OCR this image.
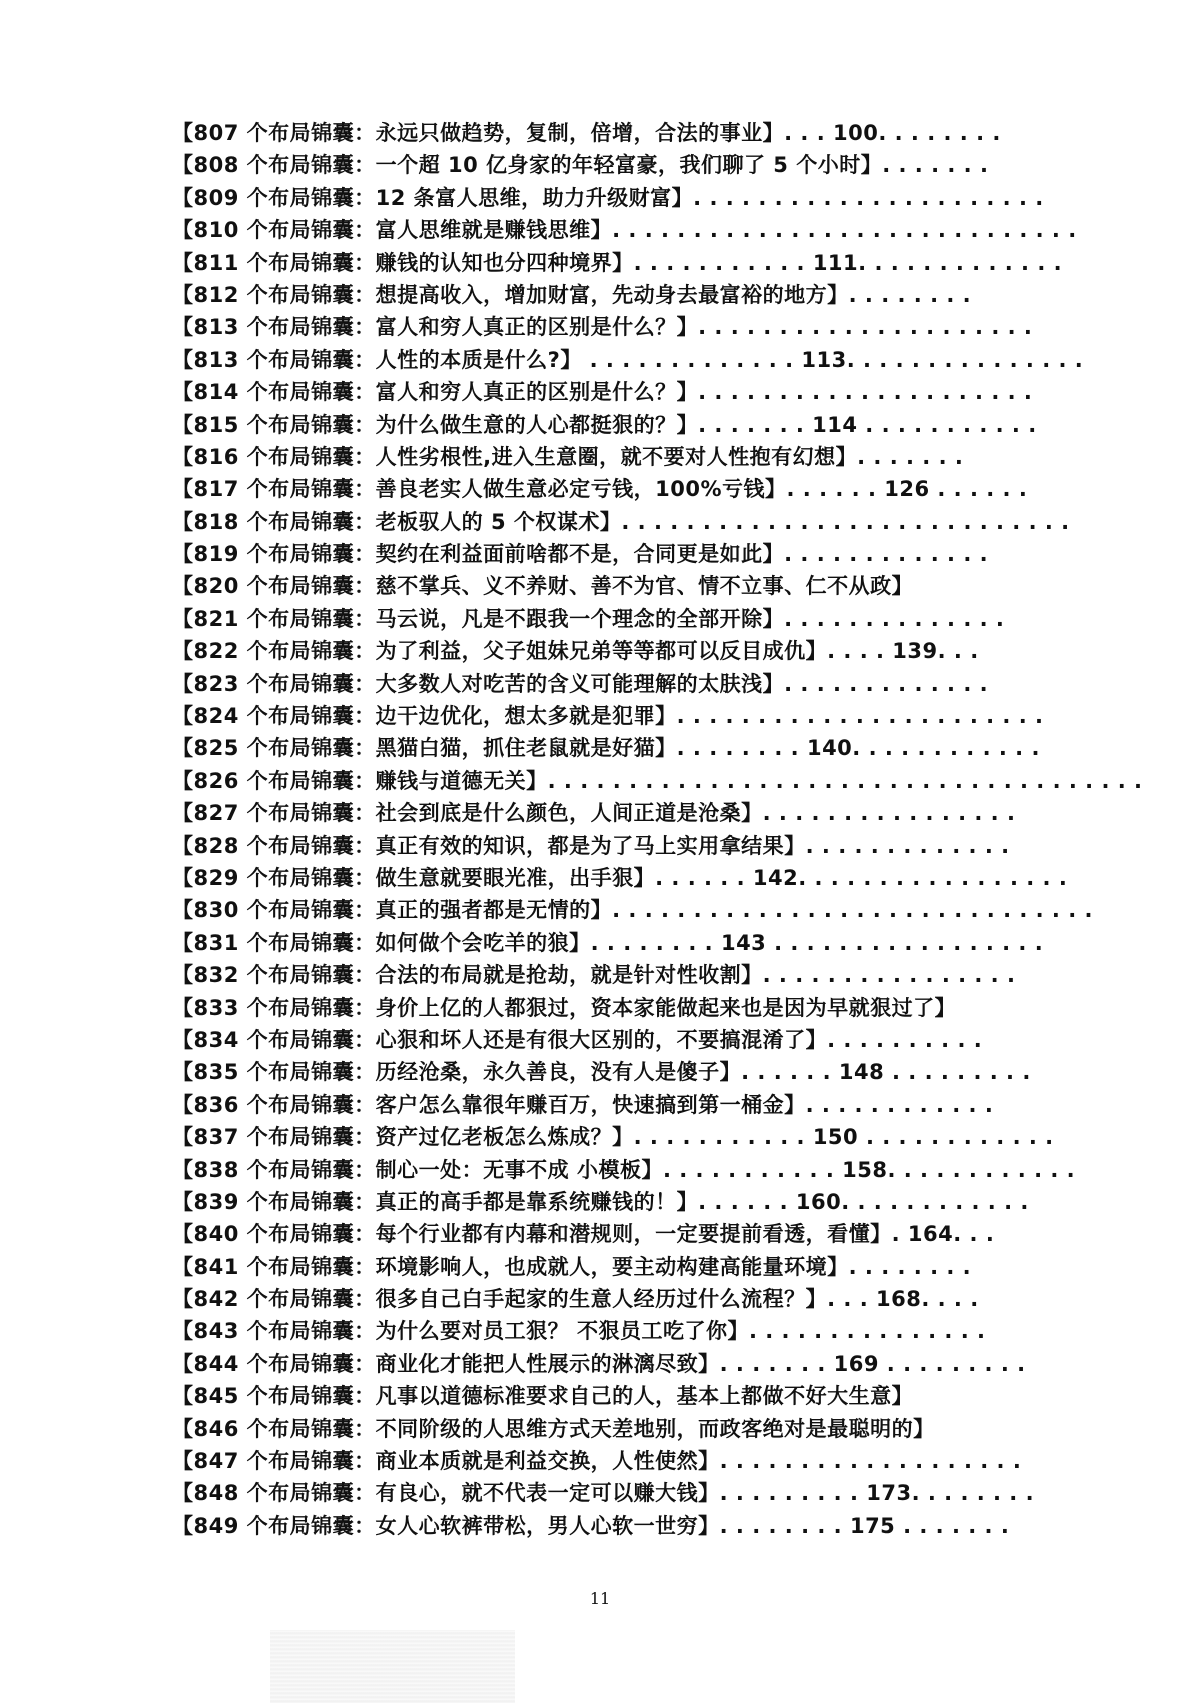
【807 个布局锦囊：永远只做趋势，复制，倍增，合法的事业】. . . 100. . . . . . . .
【808 个布局锦囊：一个超 10 亿身家的年轻富豪，我们聊了 5 个小时】. . . . . . .
【809 个布局锦囊：12 条富人思维，助力升级财富】. . . . . . . . . . . . . . . . . . . . . .
【810 个布局锦囊：富人思维就是赚钱思维】. . . . . . . . . . . . . . . . . . . . . . . . . . . . .
【811 个布局锦囊：赚钱的认知也分四种境界】. . . . . . . . . . . 111. . . . . . . . . . . . .
【812 个布局锦囊：想提高收入，增加财富，先动身去最富裕的地方】. . . . . . . .
【813 个布局锦囊：富人和穷人真正的区别是什么？】. . . . . . . . . . . . . . . . . . . . .
【813 个布局锦囊：人性的本质是什么?】 . . . . . . . . . . . . . 113. . . . . . . . . . . . . . .
【814 个布局锦囊：富人和穷人真正的区别是什么？】. . . . . . . . . . . . . . . . . . . . .
【815 个布局锦囊：为什么做生意的人心都挺狠的？】. . . . . . . 114 . . . . . . . . . . .
【816 个布局锦囊：人性劣根性,进入生意圈，就不要对人性抱有幻想】. . . . . . .
【817 个布局锦囊：善良老实人做生意必定亏钱，100%亏钱】. . . . . . 126 . . . . . .
【818 个布局锦囊：老板驭人的 5 个权谋术】. . . . . . . . . . . . . . . . . . . . . . . . . . . .
【819 个布局锦囊：契约在利益面前啥都不是，合同更是如此】. . . . . . . . . . . . .
【820 个布局锦囊：慈不掌兵、义不养财、善不为官、情不立事、仁不从政】
【821 个布局锦囊：马云说，凡是不跟我一个理念的全部开除】. . . . . . . . . . . . . .
【822 个布局锦囊：为了利益，父子姐妹兄弟等等都可以反目成仇】. . . . 139. . .
【823 个布局锦囊：大多数人对吃苦的含义可能理解的太肤浅】. . . . . . . . . . . . .
【824 个布局锦囊：边干边优化，想太多就是犯罪】. . . . . . . . . . . . . . . . . . . . . . .
【825 个布局锦囊：黑猫白猫，抓住老鼠就是好猫】. . . . . . . . 140. . . . . . . . . . . .
【826 个布局锦囊：赚钱与道德无关】. . . . . . . . . . . . . . . . . . . . . . . . . . . . . . . . . . . . .
【827 个布局锦囊：社会到底是什么颜色，人间正道是沧桑】. . . . . . . . . . . . . . . .
【828 个布局锦囊：真正有效的知识，都是为了马上实用拿结果】. . . . . . . . . . . . .
【829 个布局锦囊：做生意就要眼光准，出手狠】. . . . . . 142. . . . . . . . . . . . . . . . .
【830 个布局锦囊：真正的强者都是无情的】. . . . . . . . . . . . . . . . . . . . . . . . . . . . . .
【831 个布局锦囊：如何做个会吃羊的狼】. . . . . . . . 143 . . . . . . . . . . . . . . . . .
【832 个布局锦囊：合法的布局就是抢劫，就是针对性收割】. . . . . . . . . . . . . . . .
【833 个布局锦囊：身价上亿的人都狠过，资本家能做起来也是因为早就狠过了】
【834 个布局锦囊：心狠和坏人还是有很大区别的，不要搞混淆了】. . . . . . . . . .
【835 个布局锦囊：历经沧桑，永久善良，没有人是傻子】. . . . . . 148 . . . . . . . . .
【836 个布局锦囊：客户怎么靠很年赚百万，快速搞到第一桶金】. . . . . . . . . . . .
【837 个布局锦囊：资产过亿老板怎么炼成？】. . . . . . . . . . . 150 . . . . . . . . . . . .
【838 个布局锦囊：制心一处：无事不成 小模板】. . . . . . . . . . . 158. . . . . . . . . . . .
【839 个布局锦囊：真正的高手都是靠系统赚钱的！】. . . . . . 160. . . . . . . . . . . .
【840 个布局锦囊：每个行业都有内幕和潜规则，一定要提前看透，看懂】. 164. . .
【841 个布局锦囊：环境影响人，也成就人，要主动构建高能量环境】. . . . . . . .
【842 个布局锦囊：很多自己白手起家的生意人经历过什么流程？】. . . 168. . . .
【843 个布局锦囊：为什么要对员工狠？ 不狠员工吃了你】. . . . . . . . . . . . . . .
【844 个布局锦囊：商业化才能把人性展示的淋漓尽致】. . . . . . . 169 . . . . . . . . .
【845 个布局锦囊：凡事以道德标准要求自己的人，基本上都做不好大生意】
【846 个布局锦囊：不同阶级的人思维方式天差地别，而政客绝对是最聪明的】
【847 个布局锦囊：商业本质就是利益交换，人性使然】. . . . . . . . . . . . . . . . . . .
【848 个布局锦囊：有良心，就不代表一定可以赚大钱】. . . . . . . . . 173. . . . . . . .
【849 个布局锦囊：女人心软裤带松，男人心软一世穷】. . . . . . . . 175 . . . . . . .
11
